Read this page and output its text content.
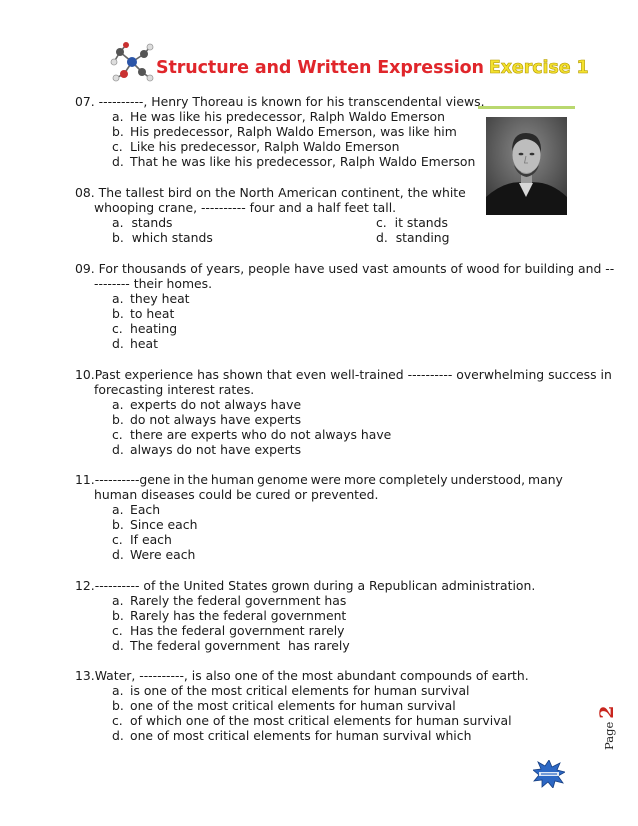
Structure and Written Expression Exercise 1
07. ----------, Henry Thoreau is known for his transcendental views.
a. He was like his predecessor, Ralph Waldo Emerson
b. His predecessor, Ralph Waldo Emerson, was like him
c. Like his predecessor, Ralph Waldo Emerson
d. That he was like his predecessor, Ralph Waldo Emerson
08. The tallest bird on the North American continent, the white
whooping crane, ---------- four and a half feet tall.
a. stands
b. which stands
c. it stands
d. standing
09. For thousands of years, people have used vast amounts of wood for building and --
-------- their homes.
a. they heat
b. to heat
c. heating
d. heat
10.Past experience has shown that even well-trained ---------- overwhelming success in
forecasting interest rates.
a. experts do not always have
b. do not always have experts
c. there are experts who do not always have
d. always do not have experts
11. ----------gene in the human genome were more completely understood, many
human diseases could be cured or prevented.
a. Each
b. Since each
c. If each
d. Were each
12.---------- of the United States grown during a Republican administration.
a. Rarely the federal government has
b. Rarely has the federal government
c. Has the federal government rarely
d. The federal government  has rarely
13.Water, ----------, is also one of the most abundant compounds of earth.
a. is one of the most critical elements for human survival
b. one of the most critical elements for human survival
c. of which one of the most critical elements for human survival
d. one of most critical elements for human survival which	Page2
